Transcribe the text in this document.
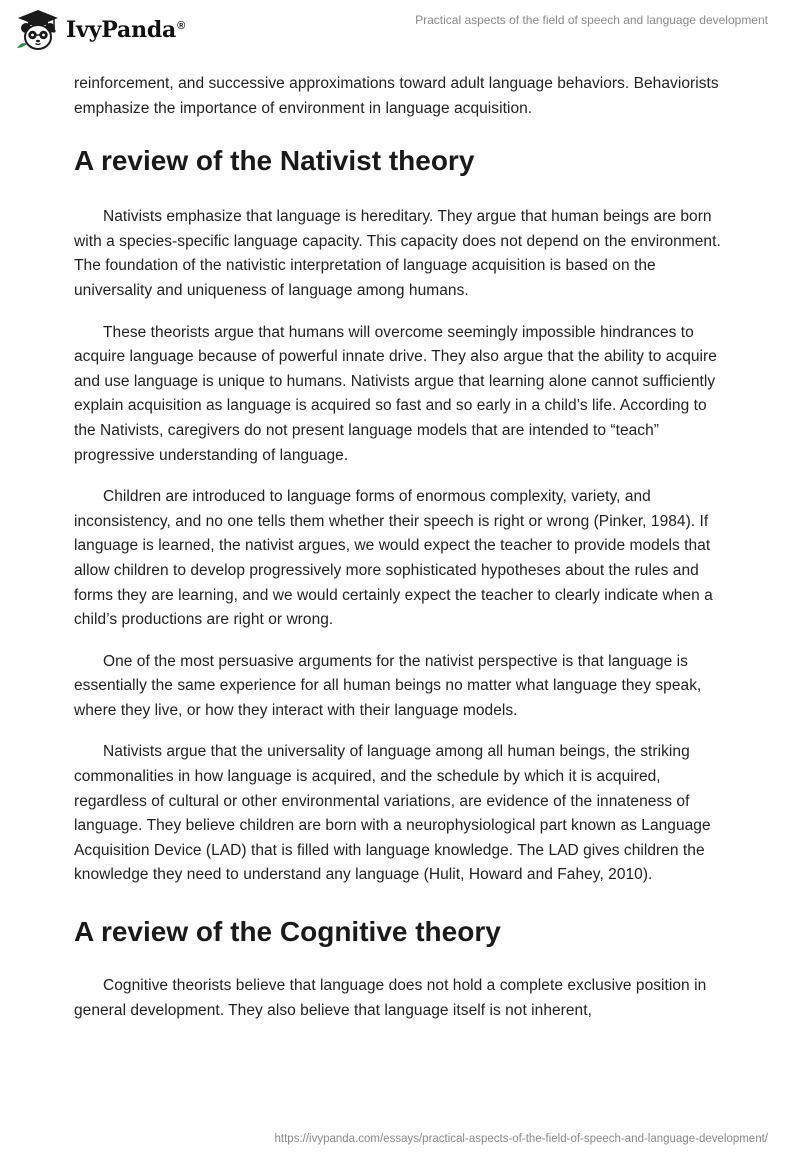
IvyPanda®	Practical aspects of the field of speech and language development

reinforcement, and successive approximations toward adult language behaviors. Behaviorists emphasize the importance of environment in language acquisition.

A review of the Nativist theory

Nativists emphasize that language is hereditary. They argue that human beings are born with a species-specific language capacity. This capacity does not depend on the environment. The foundation of the nativistic interpretation of language acquisition is based on the universality and uniqueness of language among humans.

These theorists argue that humans will overcome seemingly impossible hindrances to acquire language because of powerful innate drive. They also argue that the ability to acquire and use language is unique to humans. Nativists argue that learning alone cannot sufficiently explain acquisition as language is acquired so fast and so early in a child’s life. According to the Nativists, caregivers do not present language models that are intended to “teach” progressive understanding of language.

Children are introduced to language forms of enormous complexity, variety, and inconsistency, and no one tells them whether their speech is right or wrong (Pinker, 1984). If language is learned, the nativist argues, we would expect the teacher to provide models that allow children to develop progressively more sophisticated hypotheses about the rules and forms they are learning, and we would certainly expect the teacher to clearly indicate when a child’s productions are right or wrong.

One of the most persuasive arguments for the nativist perspective is that language is essentially the same experience for all human beings no matter what language they speak, where they live, or how they interact with their language models.

Nativists argue that the universality of language among all human beings, the striking commonalities in how language is acquired, and the schedule by which it is acquired, regardless of cultural or other environmental variations, are evidence of the innateness of language. They believe children are born with a neurophysiological part known as Language Acquisition Device (LAD) that is filled with language knowledge. The LAD gives children the knowledge they need to understand any language (Hulit, Howard and Fahey, 2010).

A review of the Cognitive theory

Cognitive theorists believe that language does not hold a complete exclusive position in general development. They also believe that language itself is not inherent,

https://ivypanda.com/essays/practical-aspects-of-the-field-of-speech-and-language-development/
